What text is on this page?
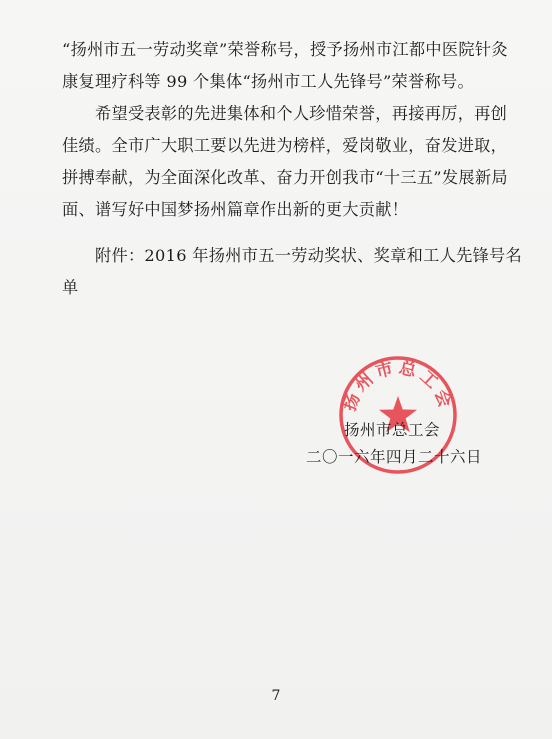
“扬州市五一劳动奖章”荣誉称号，授予扬州市江都中医院针灸
康复理疗科等 99 个集体“扬州市工人先锋号”荣誉称号。
　　希望受表彰的先进集体和个人珍惜荣誉，再接再厉，再创
佳绩。全市广大职工要以先进为榜样，爱岗敬业，奋发进取，
拼搏奉献，为全面深化改革、奋力开创我市“十三五”发展新局
面、谱写好中国梦扬州篇章作出新的更大贡献！
　　附件：2016 年扬州市五一劳动奖状、奖章和工人先锋号名
单
扬州市总工会
扬州市总工会
二〇一六年四月二十六日
7
